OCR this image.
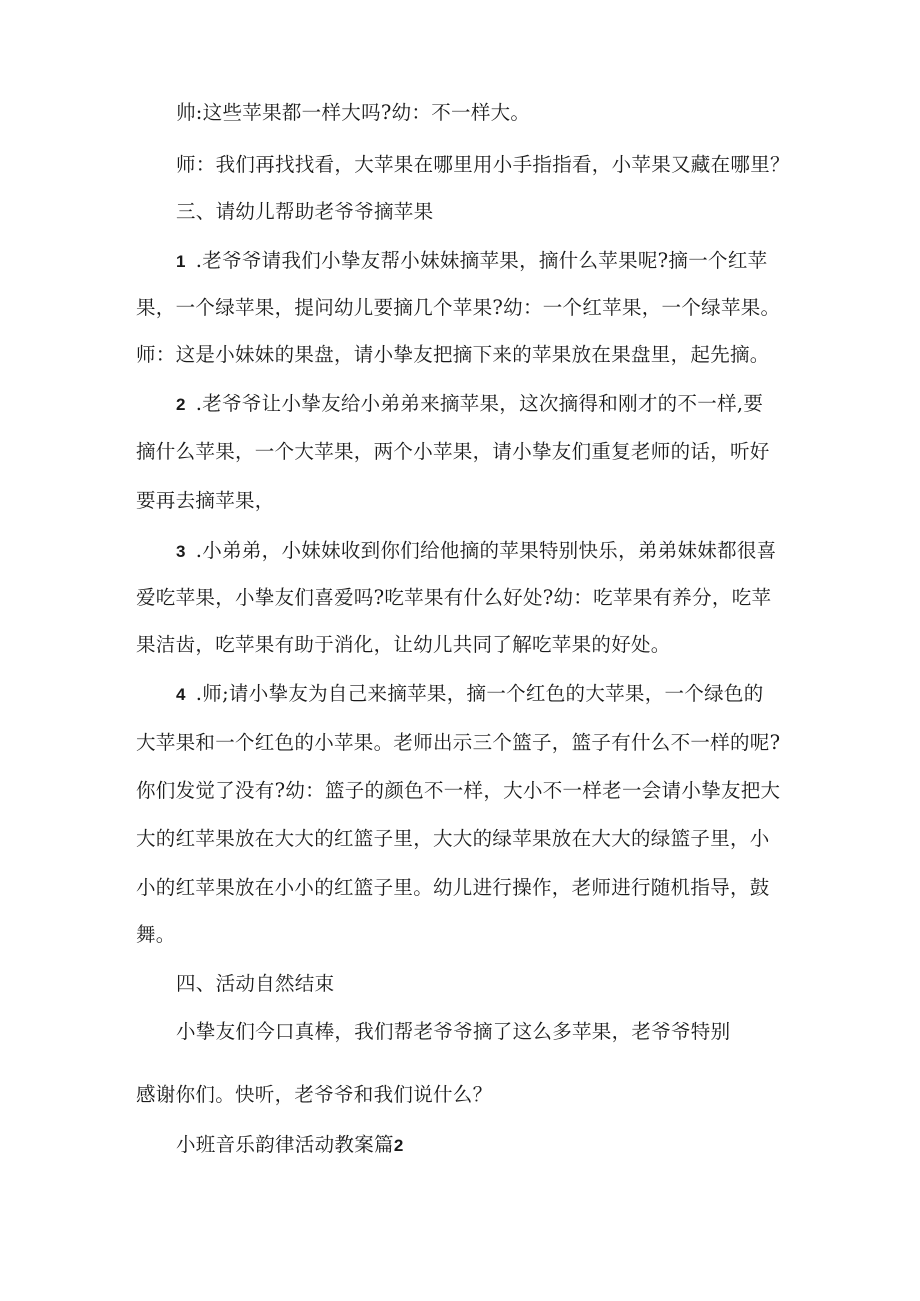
帅:这些苹果都一样大吗?幼：不一样大。
师：我们再找找看，大苹果在哪里用小手指指看，小苹果又藏在哪里？
三、请幼儿帮助老爷爷摘苹果
1 .老爷爷请我们小挚友帮小妹妹摘苹果，摘什么苹果呢?摘一个红苹
果，一个绿苹果，提问幼儿要摘几个苹果?幼：一个红苹果，一个绿苹果。
师：这是小妹妹的果盘，请小挚友把摘下来的苹果放在果盘里，起先摘。
2 .老爷爷让小挚友给小弟弟来摘苹果，这次摘得和刚才的不一样,要
摘什么苹果，一个大苹果，两个小苹果，请小挚友们重复老师的话，听好
要再去摘苹果，
3 .小弟弟，小妹妹收到你们给他摘的苹果特别快乐，弟弟妹妹都很喜
爱吃苹果，小挚友们喜爱吗?吃苹果有什么好处?幼：吃苹果有养分，吃苹
果洁齿，吃苹果有助于消化，让幼儿共同了解吃苹果的好处。
4 .师;请小挚友为自己来摘苹果，摘一个红色的大苹果，一个绿色的
大苹果和一个红色的小苹果。老师出示三个篮子，篮子有什么不一样的呢?
你们发觉了没有?幼：篮子的颜色不一样，大小不一样老一会请小挚友把大
大的红苹果放在大大的红篮子里，大大的绿苹果放在大大的绿篮子里，小
小的红苹果放在小小的红篮子里。幼儿进行操作，老师进行随机指导，鼓
舞。
四、活动自然结束
小挚友们今口真棒，我们帮老爷爷摘了这么多苹果，老爷爷特别
感谢你们。快听，老爷爷和我们说什么？
小班音乐韵律活动教案篇2
